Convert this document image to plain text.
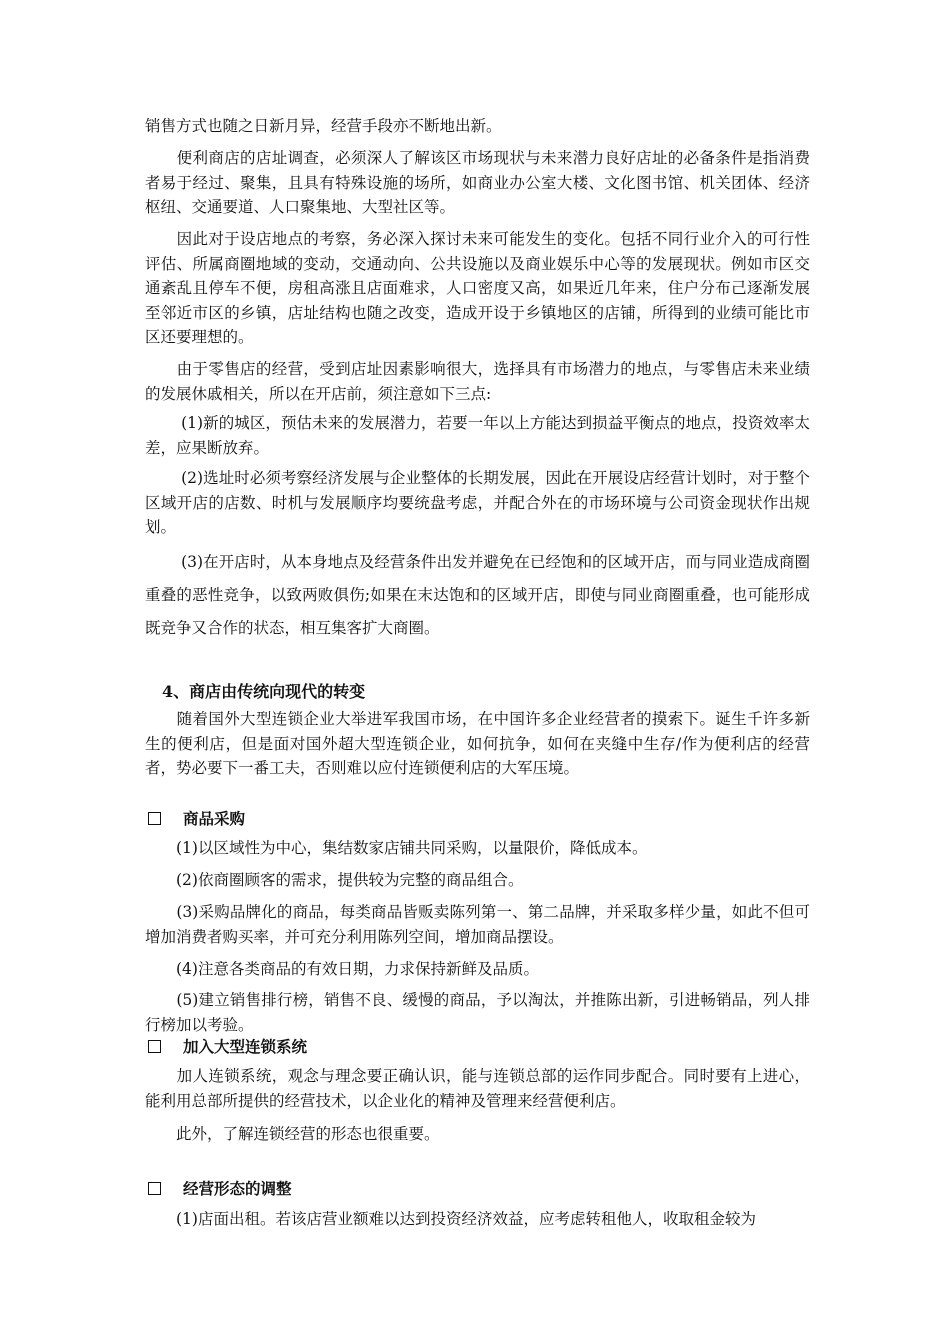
销售方式也随之日新月异，经营手段亦不断地出新。

　　便利商店的店址调查，必须深人了解该区市场现状与未来潜力良好店址的必备条件是指消费者易于经过、聚集，且具有特殊设施的场所，如商业办公室大楼、文化图书馆、机关团体、经济枢纽、交通要道、人口聚集地、大型社区等。

　　因此对于设店地点的考察，务必深入探讨未来可能发生的变化。包括不同行业介入的可行性评估、所属商圈地域的变动，交通动向、公共设施以及商业娱乐中心等的发展现状。例如市区交通紊乱且停车不便，房租高涨且店面难求，人口密度又高，如果近几年来，住户分布己逐渐发展至邻近市区的乡镇，店址结构也随之改变，造成开设于乡镇地区的店铺，所得到的业绩可能比市区还要理想的。

　　由于零售店的经营，受到店址因素影响很大，选择具有市场潜力的地点，与零售店未来业绩的发展休戚相关，所以在开店前，须注意如下三点:

　　 (1)新的城区，预估未来的发展潜力，若要一年以上方能达到损益平衡点的地点，投资效率太差，应果断放弃。

　　 (2)选址时必须考察经济发展与企业整体的长期发展，因此在开展设店经营计划时，对于整个区域开店的店数、时机与发展顺序均要统盘考虑，并配合外在的市场环境与公司资金现状作出规划。

　　 (3)在开店时，从本身地点及经营条件出发并避免在已经饱和的区域开店，而与同业造成商圈重叠的恶性竞争，以致两败俱伤;如果在末达饱和的区域开店，即使与同业商圈重叠，也可能形成既竞争又合作的状态，相互集客扩大商圈。

4、商店由传统向现代的转变

　　随着国外大型连锁企业大举进军我国市场，在中国许多企业经营者的摸索下。诞生千许多新生的便利店，但是面对国外超大型连锁企业，如何抗争，如何在夹缝中生存/作为便利店的经营者，势必要下一番工夫，否则难以应付连锁便利店的大军压境。

商品采购

　　(1)以区域性为中心，集结数家店铺共同采购，以量限价，降低成本。

　　(2)依商圈顾客的需求，提供较为完整的商品组合。

　　(3)采购品牌化的商品，每类商品皆贩卖陈列第一、第二品牌，并采取多样少量，如此不但可增加消费者购买率，并可充分利用陈列空间，增加商品摆设。

　　(4)注意各类商品的有效日期，力求保持新鲜及品质。

　　(5)建立销售排行榜，销售不良、缓慢的商品，予以淘汰，并推陈出新，引进畅销品，列人排行榜加以考验。

加入大型连锁系统

　　加人连锁系统，观念与理念要正确认识，能与连锁总部的运作同步配合。同时要有上进心，能利用总部所提供的经营技术，以企业化的精神及管理来经营便利店。

　　此外，了解连锁经营的形态也很重要。

经营形态的调整

　　(1)店面出租。若该店营业额难以达到投资经济效益，应考虑转租他人，收取租金较为
